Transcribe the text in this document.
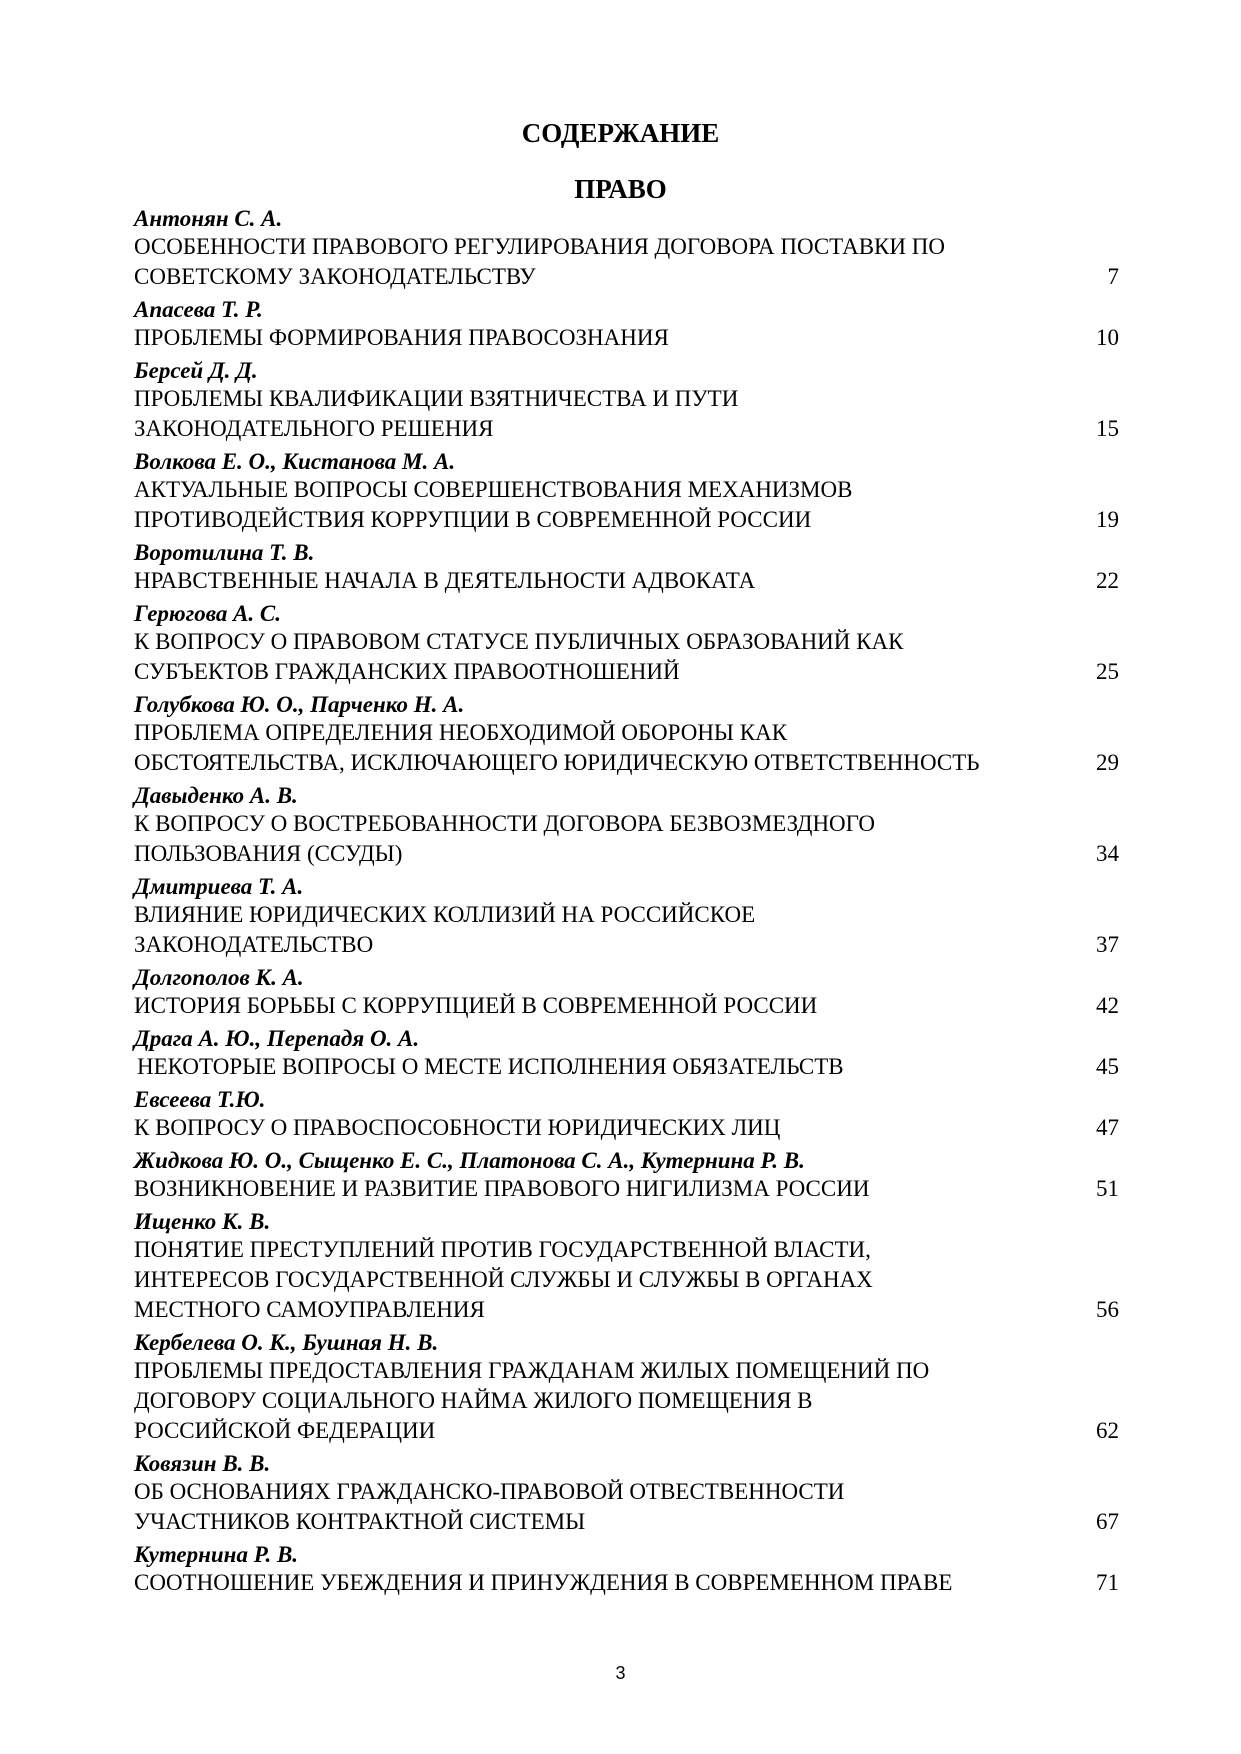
СОДЕРЖАНИЕ
ПРАВО
Антонян С. А.
ОСОБЕННОСТИ ПРАВОВОГО РЕГУЛИРОВАНИЯ ДОГОВОРА ПОСТАВКИ ПО
СОВЕТСКОМУ ЗАКОНОДАТЕЛЬСТВУ	7
Апасева Т. Р.
ПРОБЛЕМЫ ФОРМИРОВАНИЯ ПРАВОСОЗНАНИЯ	10
Берсей Д. Д.
ПРОБЛЕМЫ КВАЛИФИКАЦИИ ВЗЯТНИЧЕСТВА И ПУТИ
ЗАКОНОДАТЕЛЬНОГО РЕШЕНИЯ	15
Волкова Е. О., Кистанова М. А.
АКТУАЛЬНЫЕ ВОПРОСЫ СОВЕРШЕНСТВОВАНИЯ МЕХАНИЗМОВ
ПРОТИВОДЕЙСТВИЯ КОРРУПЦИИ В СОВРЕМЕННОЙ РОССИИ	19
Воротилина Т. В.
НРАВСТВЕННЫЕ НАЧАЛА В ДЕЯТЕЛЬНОСТИ АДВОКАТА	22
Герюгова А. С.
К ВОПРОСУ О ПРАВОВОМ СТАТУСЕ ПУБЛИЧНЫХ ОБРАЗОВАНИЙ КАК
СУБЪЕКТОВ ГРАЖДАНСКИХ ПРАВООТНОШЕНИЙ	25
Голубкова Ю. О., Парченко Н. А.
ПРОБЛЕМА ОПРЕДЕЛЕНИЯ НЕОБХОДИМОЙ ОБОРОНЫ КАК
ОБСТОЯТЕЛЬСТВА, ИСКЛЮЧАЮЩЕГО ЮРИДИЧЕСКУЮ ОТВЕТСТВЕННОСТЬ	29
Давыденко А. В.
К ВОПРОСУ О ВОСТРЕБОВАННОСТИ ДОГОВОРА БЕЗВОЗМЕЗДНОГО
ПОЛЬЗОВАНИЯ (ССУДЫ)	34
Дмитриева Т. А.
ВЛИЯНИЕ ЮРИДИЧЕСКИХ КОЛЛИЗИЙ НА РОССИЙСКОЕ
ЗАКОНОДАТЕЛЬСТВО	37
Долгополов К. А.
ИСТОРИЯ БОРЬБЫ С КОРРУПЦИЕЙ В СОВРЕМЕННОЙ РОССИИ	42
Драга А. Ю., Перепадя О. А.
НЕКОТОРЫЕ ВОПРОСЫ О МЕСТЕ ИСПОЛНЕНИЯ ОБЯЗАТЕЛЬСТВ	45
Евсеева Т.Ю.
К ВОПРОСУ О ПРАВОСПОСОБНОСТИ ЮРИДИЧЕСКИХ ЛИЦ	47
Жидкова Ю. О., Сыщенко Е. С., Платонова С. А., Кутернина Р. В.
ВОЗНИКНОВЕНИЕ И РАЗВИТИЕ ПРАВОВОГО НИГИЛИЗМА РОССИИ	51
Ищенко К. В.
ПОНЯТИЕ ПРЕСТУПЛЕНИЙ ПРОТИВ ГОСУДАРСТВЕННОЙ ВЛАСТИ,
ИНТЕРЕСОВ ГОСУДАРСТВЕННОЙ СЛУЖБЫ И СЛУЖБЫ В ОРГАНАХ
МЕСТНОГО САМОУПРАВЛЕНИЯ	56
Кербелева О. К., Бушная Н. В.
ПРОБЛЕМЫ ПРЕДОСТАВЛЕНИЯ ГРАЖДАНАМ ЖИЛЫХ ПОМЕЩЕНИЙ ПО
ДОГОВОРУ СОЦИАЛЬНОГО НАЙМА ЖИЛОГО ПОМЕЩЕНИЯ В
РОССИЙСКОЙ ФЕДЕРАЦИИ	62
Ковязин В. В.
ОБ ОСНОВАНИЯХ ГРАЖДАНСКО-ПРАВОВОЙ ОТВЕСТВЕННОСТИ
УЧАСТНИКОВ КОНТРАКТНОЙ СИСТЕМЫ	67
Кутернина Р. В.
СООТНОШЕНИЕ УБЕЖДЕНИЯ И ПРИНУЖДЕНИЯ В СОВРЕМЕННОМ ПРАВЕ	71
3
